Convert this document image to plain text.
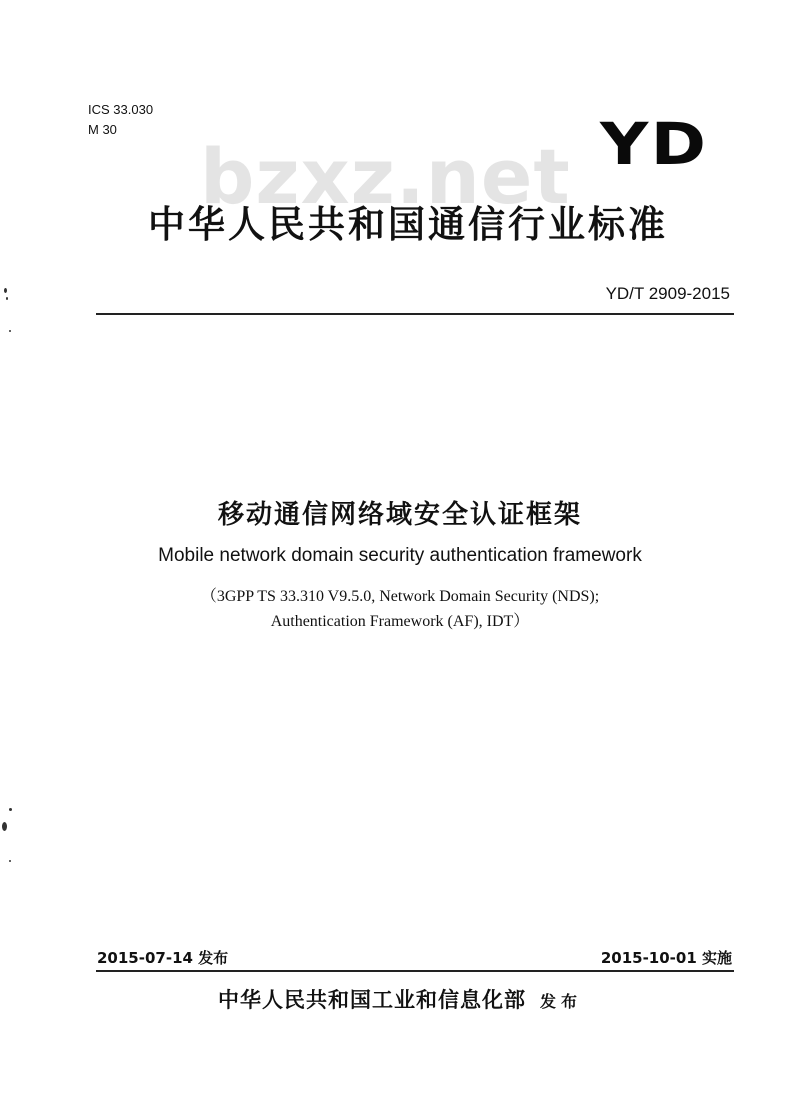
bzxz.net
ICS 33.030
M 30	YD
中华人民共和国通信行业标准
YD/T 2909-2015
移动通信网络域安全认证框架
Mobile network domain security authentication framework
（3GPP TS 33.310 V9.5.0, Network Domain Security (NDS);
Authentication Framework (AF), IDT）
2015-07-14 发布	2015-10-01 实施
中华人民共和国工业和信息化部 发布
